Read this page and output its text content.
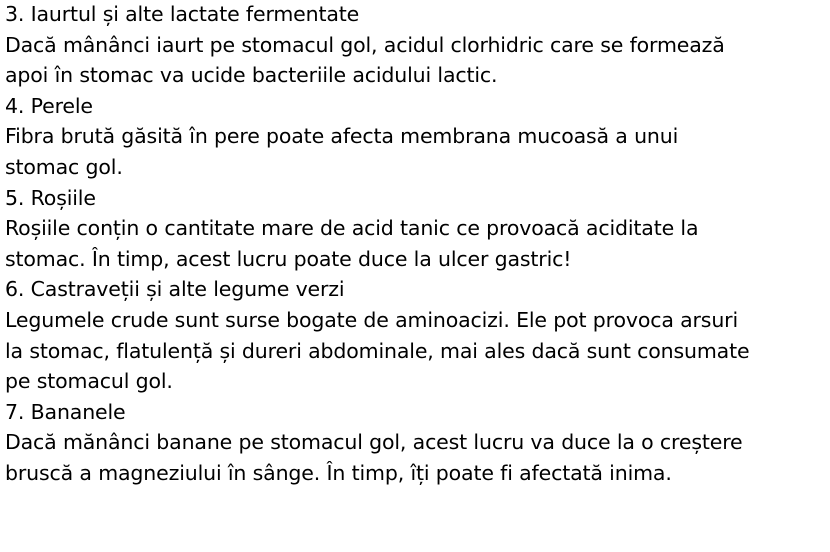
3. Iaurtul și alte lactate fermentate
Dacă mânânci iaurt pe stomacul gol, acidul clorhidric care se formează
apoi în stomac va ucide bacteriile acidului lactic.
4. Perele
Fibra brută găsită în pere poate afecta membrana mucoasă a unui
stomac gol.
5. Roșiile
Roșiile conțin o cantitate mare de acid tanic ce provoacă aciditate la
stomac. În timp, acest lucru poate duce la ulcer gastric!
6. Castraveții și alte legume verzi
Legumele crude sunt surse bogate de aminoacizi. Ele pot provoca arsuri
la stomac, flatulență și dureri abdominale, mai ales dacă sunt consumate
pe stomacul gol.
7. Bananele
Dacă mănânci banane pe stomacul gol, acest lucru va duce la o creștere
bruscă a magneziului în sânge. În timp, îți poate fi afectată inima.
